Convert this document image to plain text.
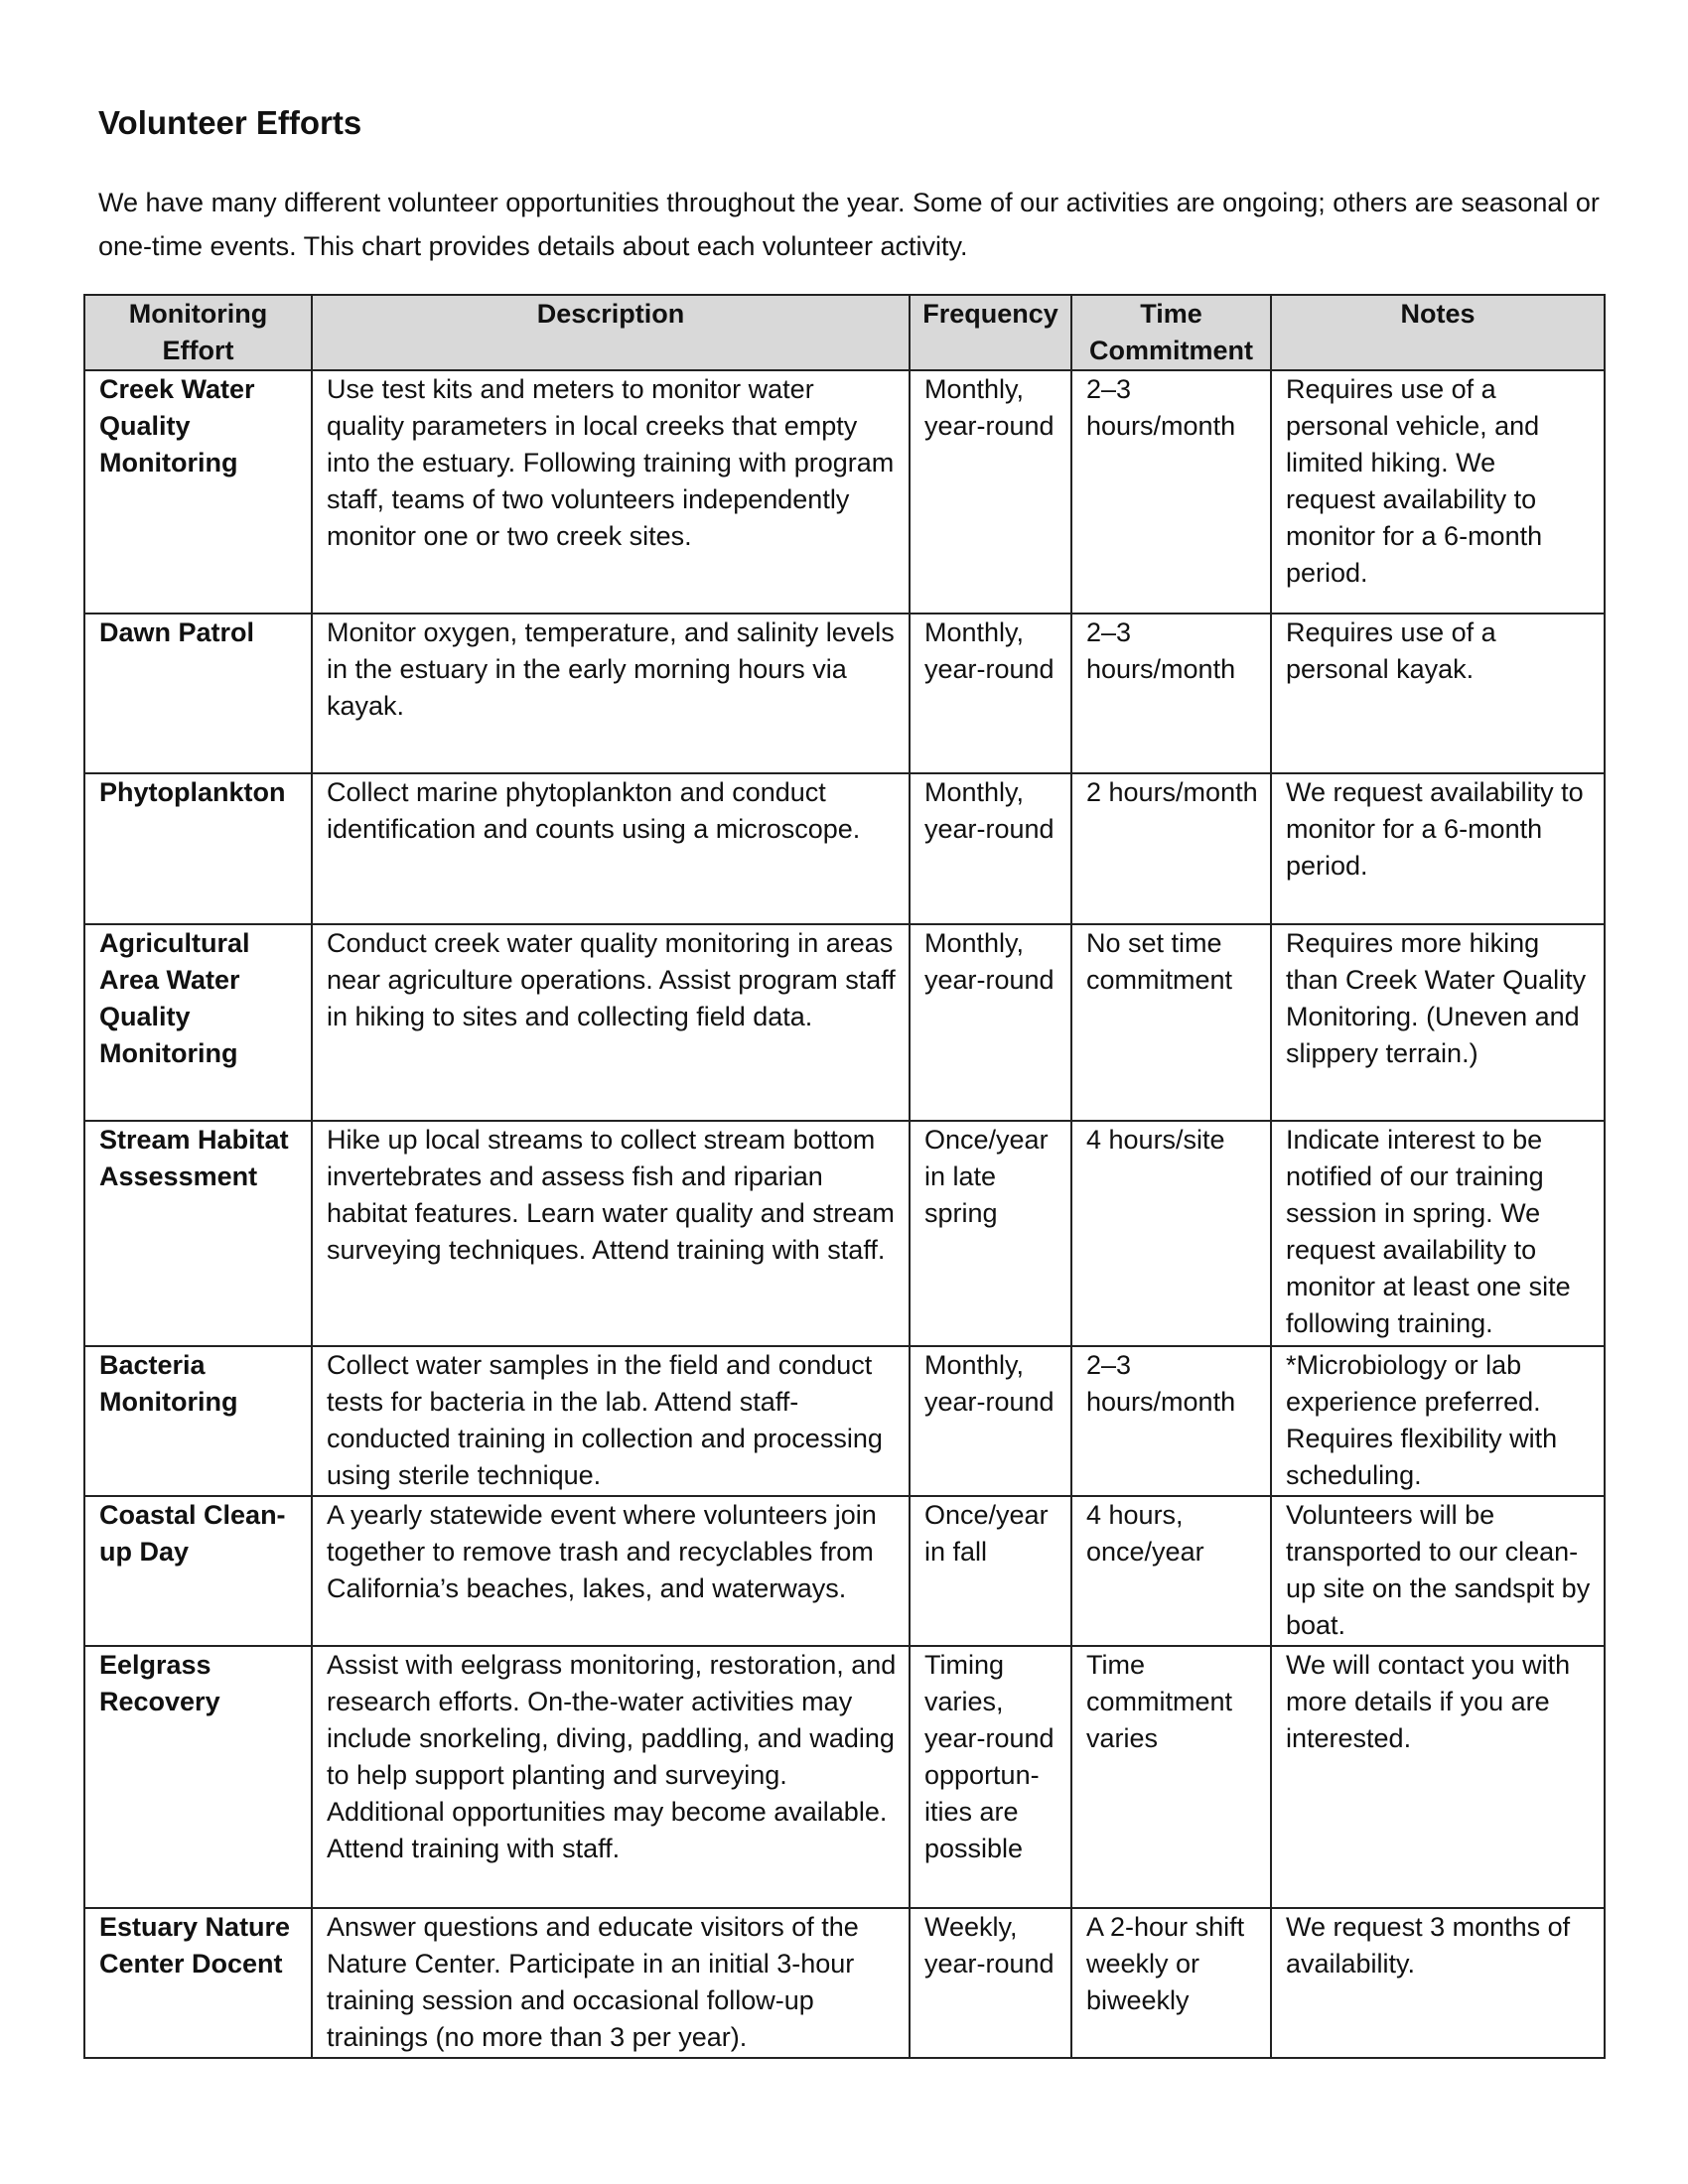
Volunteer Efforts

We have many different volunteer opportunities throughout the year. Some of our activities are ongoing; others are seasonal or one-time events. This chart provides details about each volunteer activity.

Monitoring Effort	Description	Frequency	Time Commitment	Notes
Creek Water Quality Monitoring	Use test kits and meters to monitor water quality parameters in local creeks that empty into the estuary. Following training with program staff, teams of two volunteers independently monitor one or two creek sites.	Monthly, year-round	2–3 hours/month	Requires use of a personal vehicle, and limited hiking. We request availability to monitor for a 6-month period.
Dawn Patrol	Monitor oxygen, temperature, and salinity levels in the estuary in the early morning hours via kayak.	Monthly, year-round	2–3 hours/month	Requires use of a personal kayak.
Phytoplankton	Collect marine phytoplankton and conduct identification and counts using a microscope.	Monthly, year-round	2 hours/month	We request availability to monitor for a 6-month period.
Agricultural Area Water Quality Monitoring	Conduct creek water quality monitoring in areas near agriculture operations. Assist program staff in hiking to sites and collecting field data.	Monthly, year-round	No set time commitment	Requires more hiking than Creek Water Quality Monitoring. (Uneven and slippery terrain.)
Stream Habitat Assessment	Hike up local streams to collect stream bottom invertebrates and assess fish and riparian habitat features. Learn water quality and stream surveying techniques. Attend training with staff.	Once/year in late spring	4 hours/site	Indicate interest to be notified of our training session in spring. We request availability to monitor at least one site following training.
Bacteria Monitoring	Collect water samples in the field and conduct tests for bacteria in the lab. Attend staff-conducted training in collection and processing using sterile technique.	Monthly, year-round	2–3 hours/month	*Microbiology or lab experience preferred. Requires flexibility with scheduling.
Coastal Clean-up Day	A yearly statewide event where volunteers join together to remove trash and recyclables from California’s beaches, lakes, and waterways.	Once/year in fall	4 hours, once/year	Volunteers will be transported to our clean-up site on the sandspit by boat.
Eelgrass Recovery	Assist with eelgrass monitoring, restoration, and research efforts. On-the-water activities may include snorkeling, diving, paddling, and wading to help support planting and surveying. Additional opportunities may become available. Attend training with staff.	Timing varies, year-round opportun-ities are possible	Time commitment varies	We will contact you with more details if you are interested.
Estuary Nature Center Docent	Answer questions and educate visitors of the Nature Center. Participate in an initial 3-hour training session and occasional follow-up trainings (no more than 3 per year).	Weekly, year-round	A 2-hour shift weekly or biweekly	We request 3 months of availability.
